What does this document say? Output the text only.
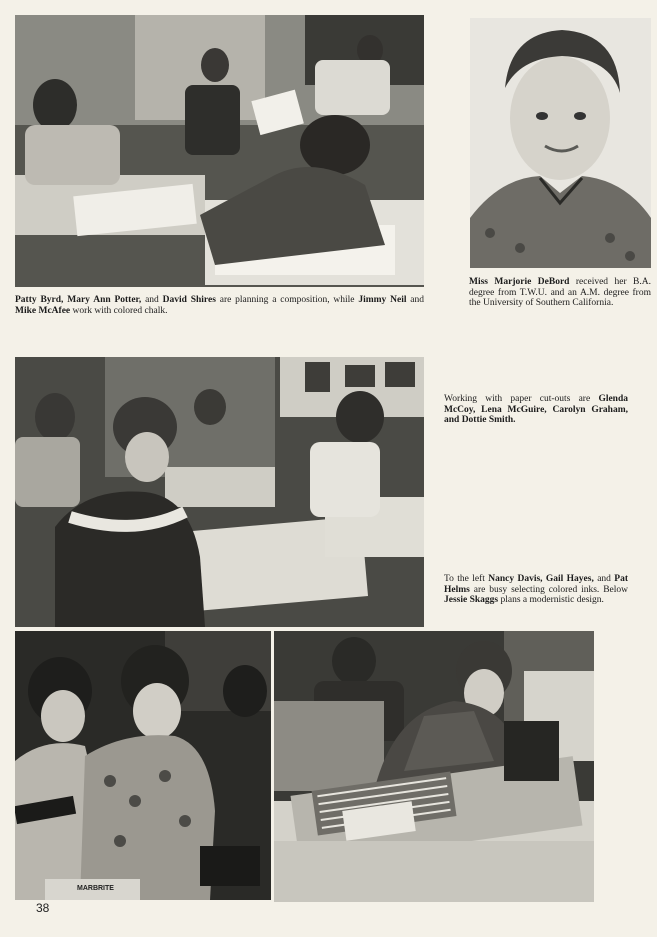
Patty Byrd, Mary Ann Potter, and David Shires are planning a composition, while Jimmy Neil and Mike McAfee work with colored chalk.
Miss Marjorie DeBord received her B.A. degree from T.W.U. and an A.M. degree from the University of Southern California.
Working with paper cut-outs are Glenda McCoy, Lena McGuire, Carolyn Graham, and Dottie Smith.
To the left Nancy Davis, Gail Hayes, and Pat Helms are busy selecting colored inks. Below Jessie Skaggs plans a modernistic design.
MARBRITE
38
